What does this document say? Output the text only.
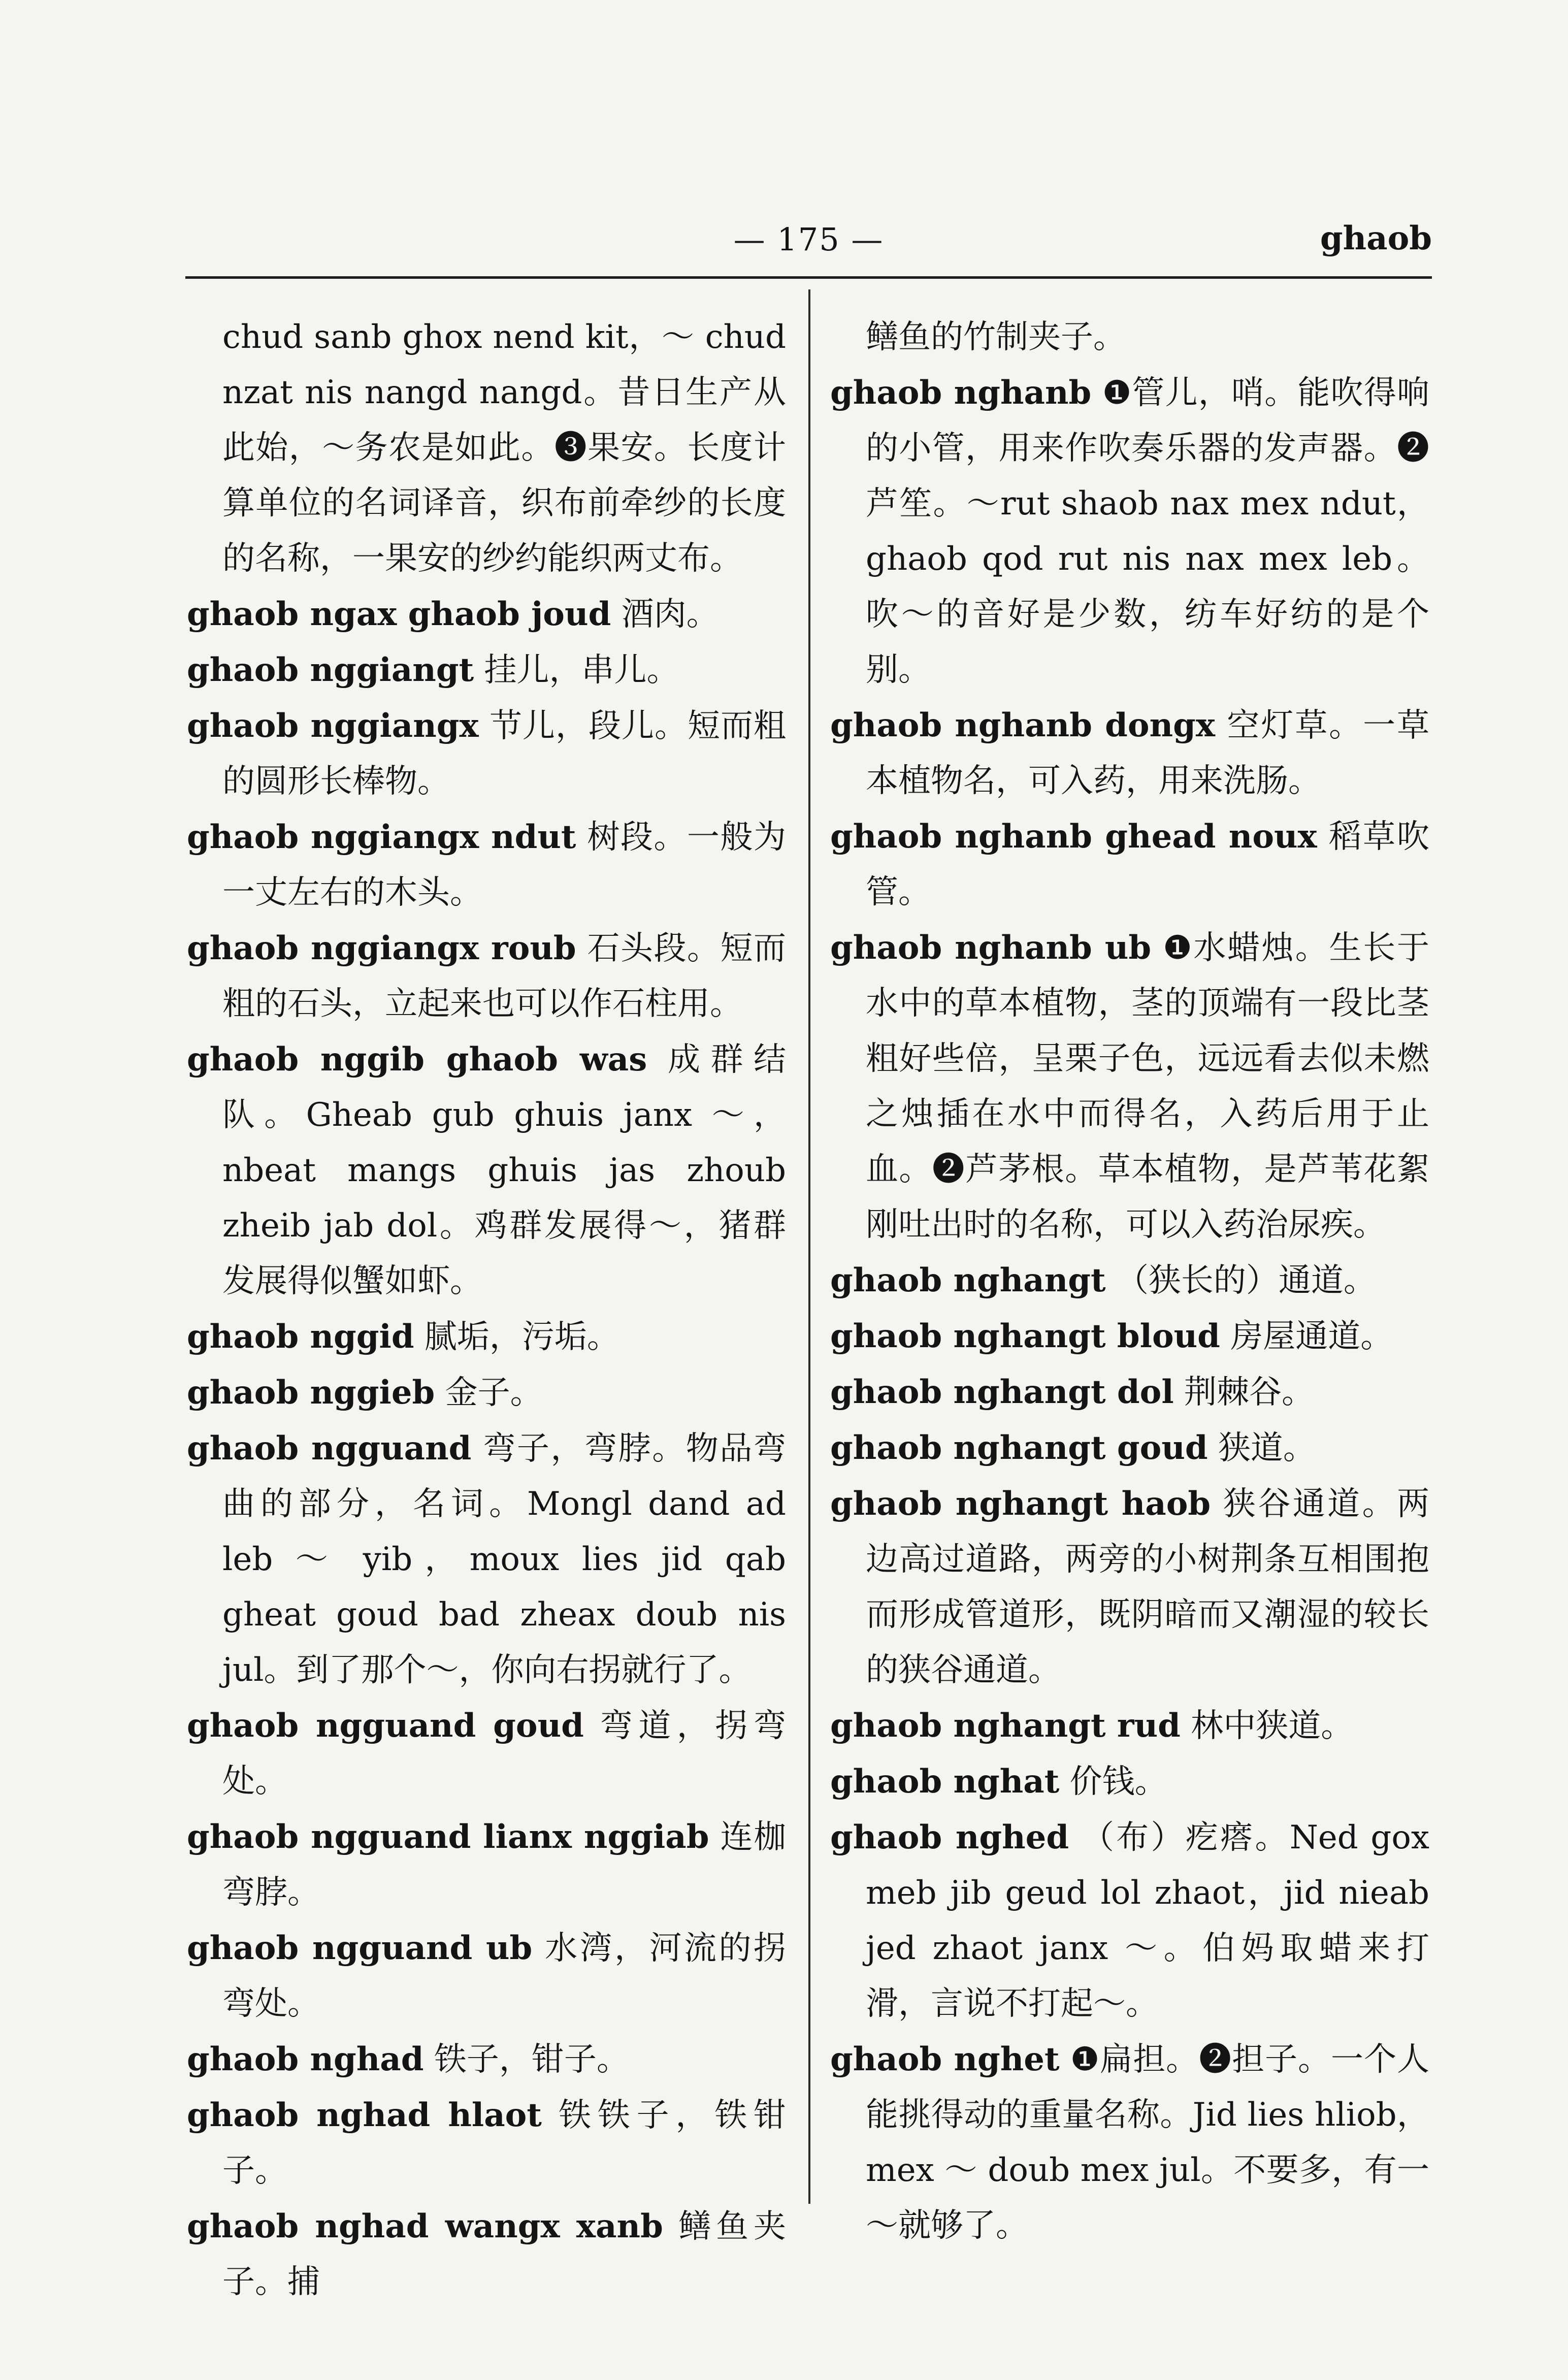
— 175 —	ghaob

chud sanb ghox nend kit，～ chud nzat nis nangd nangd。昔日生产从此始，～务农是如此。❸果安。长度计算单位的名词译音，织布前牵纱的长度的名称，一果安的纱约能织两丈布。

ghaob ngax ghaob joud 酒肉。

ghaob nggiangt 挂儿，串儿。

ghaob nggiangx 节儿，段儿。短而粗的圆形长棒物。

ghaob nggiangx ndut 树段。一般为一丈左右的木头。

ghaob nggiangx roub 石头段。短而粗的石头，立起来也可以作石柱用。

ghaob nggib ghaob was 成群结队。Gheab gub ghuis janx ～，nbeat mangs ghuis jas zhoub zheib jab dol。鸡群发展得～，猪群发展得似蟹如虾。

ghaob nggid 腻垢，污垢。

ghaob nggieb 金子。

ghaob ngguand 弯子，弯脖。物品弯曲的部分，名词。Mongl dand ad leb ～ yib，moux lies jid qab gheat goud bad zheax doub nis jul。到了那个～，你向右拐就行了。

ghaob ngguand goud 弯道，拐弯处。

ghaob ngguand lianx nggiab 连枷弯脖。

ghaob ngguand ub 水湾，河流的拐弯处。

ghaob nghad 铁子，钳子。

ghaob nghad hlaot 铁铁子，铁钳子。

ghaob nghad wangx xanb 鳝鱼夹子。捕

鳝鱼的竹制夹子。

ghaob nghanb ❶管儿，哨。能吹得响的小管，用来作吹奏乐器的发声器。❷芦笙。～rut shaob nax mex ndut，ghaob qod rut nis nax mex leb。吹～的音好是少数，纺车好纺的是个别。

ghaob nghanb dongx 空灯草。一草本植物名，可入药，用来洗肠。

ghaob nghanb ghead noux 稻草吹管。

ghaob nghanb ub ❶水蜡烛。生长于水中的草本植物，茎的顶端有一段比茎粗好些倍，呈栗子色，远远看去似未燃之烛插在水中而得名，入药后用于止血。❷芦茅根。草本植物，是芦苇花絮刚吐出时的名称，可以入药治尿疾。

ghaob nghangt （狭长的）通道。

ghaob nghangt bloud 房屋通道。

ghaob nghangt dol 荆棘谷。

ghaob nghangt goud 狭道。

ghaob nghangt haob 狭谷通道。两边高过道路，两旁的小树荆条互相围抱而形成管道形，既阴暗而又潮湿的较长的狭谷通道。

ghaob nghangt rud 林中狭道。

ghaob nghat 价钱。

ghaob nghed （布）疙瘩。Ned gox meb jib geud lol zhaot，jid nieab jed zhaot janx ～。伯妈取蜡来打滑，言说不打起～。

ghaob nghet ❶扁担。❷担子。一个人能挑得动的重量名称。Jid lies hliob，mex ～ doub mex jul。不要多，有一～就够了。
